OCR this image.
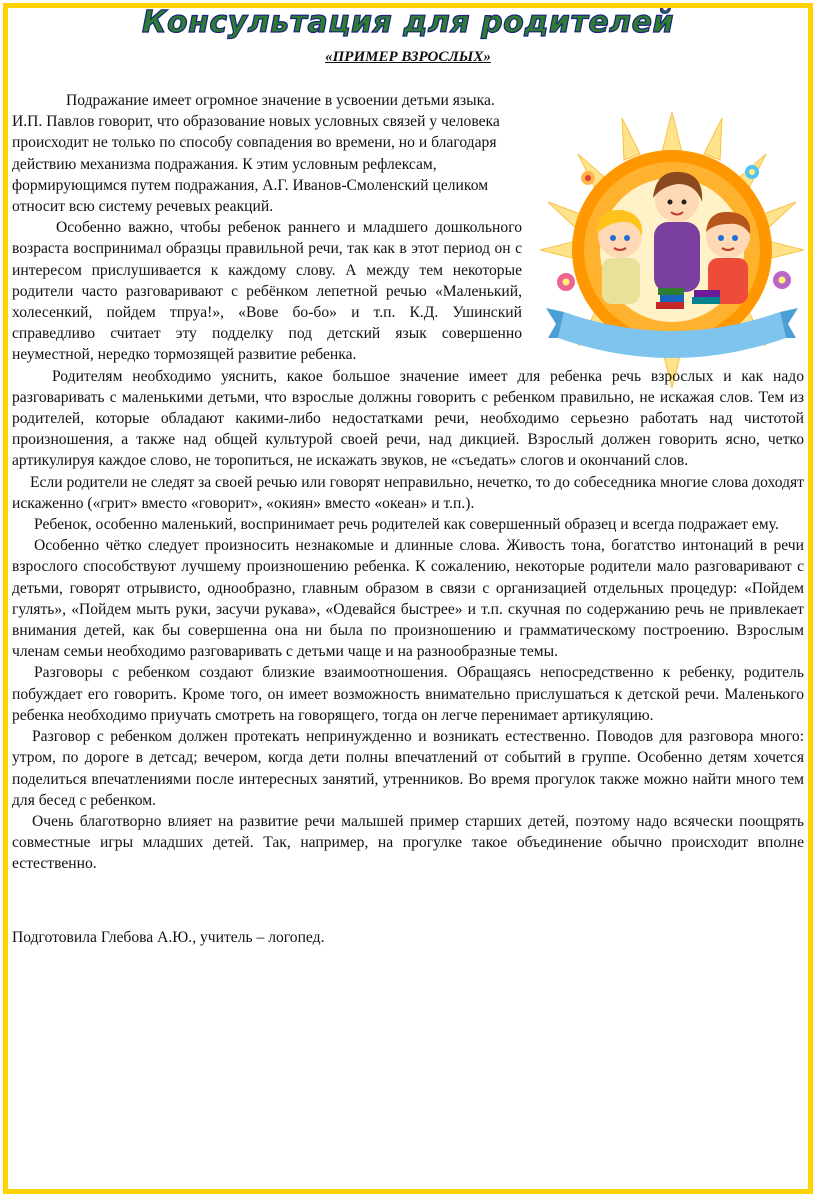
Консультация для родителей
«ПРИМЕР ВЗРОСЛЫХ»

Подражание имеет огромное значение в усвоении детьми языка. И.П. Павлов говорит, что образование новых условных связей у человека происходит не только по способу совпадения во времени, но и благодаря действию механизма подражания. К этим условным рефлексам, формирующимся путем подражания, А.Г. Иванов-Смоленский целиком относит всю систему речевых реакций.

Особенно важно, чтобы ребенок раннего и младшего дошкольного возраста воспринимал образцы правильной речи, так как в этот период он с интересом прислушивается к каждому слову. А между тем некоторые родители часто разговаривают с ребёнком лепетной речью «Маленький, холесенкий, пойдем тпруа!», «Вове бо-бо» и т.п. К.Д. Ушинский справедливо считает эту подделку под детский язык совершенно неуместной, нередко тормозящей развитие ребенка.

Родителям необходимо уяснить, какое большое значение имеет для ребенка речь взрослых и как надо разговаривать с маленькими детьми, что взрослые должны говорить с ребенком правильно, не искажая слов. Тем из родителей, которые обладают какими-либо недостатками речи, необходимо серьезно работать над чистотой произношения, а также над общей культурой своей речи, над дикцией. Взрослый должен говорить ясно, четко артикулируя каждое слово, не торопиться, не искажать звуков, не «съедать» слогов и окончаний слов.

Если родители не следят за своей речью или говорят неправильно, нечетко, то до собеседника многие слова доходят искаженно («грит» вместо «говорит», «окиян» вместо «океан» и т.п.).

Ребенок, особенно маленький, воспринимает речь родителей как совершенный образец и всегда подражает ему.

Особенно чётко следует произносить незнакомые и длинные слова. Живость тона, богатство интонаций в речи взрослого способствуют лучшему произношению ребенка. К сожалению, некоторые родители мало разговаривают с детьми, говорят отрывисто, однообразно, главным образом в связи с организацией отдельных процедур: «Пойдем гулять», «Пойдем мыть руки, засучи рукава», «Одевайся быстрее» и т.п. скучная по содержанию речь не привлекает внимания детей, как бы совершенна она ни была по произношению и грамматическому построению. Взрослым членам семьи необходимо разговаривать с детьми чаще и на разнообразные темы.

Разговоры с ребенком создают близкие взаимоотношения. Обращаясь непосредственно к ребенку, родитель побуждает его говорить. Кроме того, он имеет возможность внимательно прислушаться к детской речи. Маленького ребенка необходимо приучать смотреть на говорящего, тогда он легче перенимает артикуляцию.

Разговор с ребенком должен протекать непринужденно и возникать естественно. Поводов для разговора много: утром, по дороге в детсад; вечером, когда дети полны впечатлений от событий в группе. Особенно детям хочется поделиться впечатлениями после интересных занятий, утренников. Во время прогулок также можно найти много тем для бесед с ребенком.

Очень благотворно влияет на развитие речи малышей пример старших детей, поэтому надо всячески поощрять совместные игры младших детей. Так, например, на прогулке такое объединение обычно происходит вполне естественно.

Подготовила Глебова А.Ю., учитель – логопед.
